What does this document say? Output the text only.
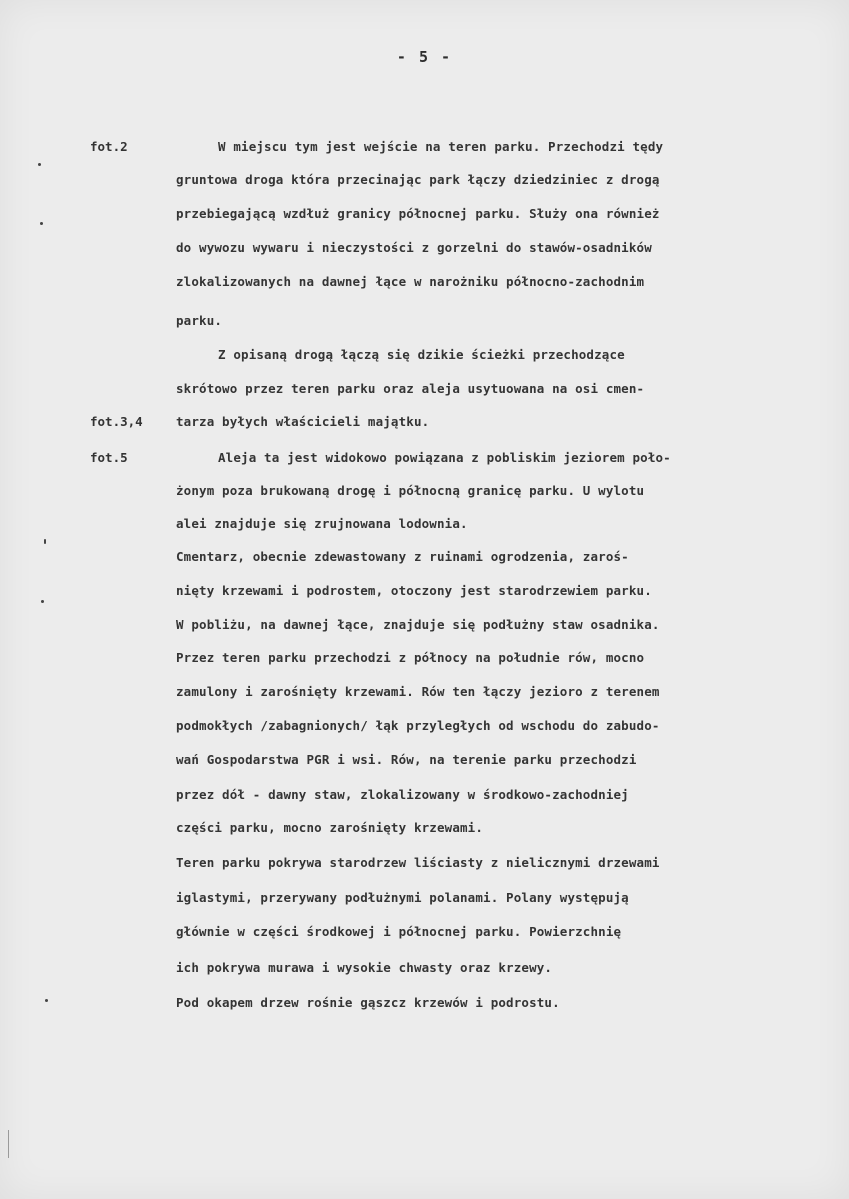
- 5 -
fot.2
fot.3,4
fot.5
W miejscu tym jest wejście na teren parku. Przechodzi tędy
gruntowa droga która przecinając park łączy dziedziniec z drogą
przebiegającą wzdłuż granicy północnej parku. Służy ona również
do wywozu wywaru i nieczystości z gorzelni do stawów-osadników
zlokalizowanych na dawnej łące w narożniku północno-zachodnim
parku.
Z opisaną drogą łączą się dzikie ścieżki przechodzące
skrótowo przez teren parku oraz aleja usytuowana na osi cmen-
tarza byłych właścicieli majątku.
Aleja ta jest widokowo powiązana z pobliskim jeziorem poło-
żonym poza brukowaną drogę i północną granicę parku. U wylotu
alei znajduje się zrujnowana lodownia.
Cmentarz, obecnie zdewastowany z ruinami ogrodzenia, zaroś-
nięty krzewami i podrostem, otoczony jest starodrzewiem parku.
W pobliżu, na dawnej łące, znajduje się podłużny staw osadnika.
Przez teren parku przechodzi z północy na południe rów, mocno
zamulony i zarośnięty krzewami. Rów ten łączy jezioro z terenem
podmokłych /zabagnionych/ łąk przyległych od wschodu do zabudo-
wań Gospodarstwa PGR i wsi. Rów, na terenie parku przechodzi
przez dół - dawny staw, zlokalizowany w środkowo-zachodniej
części parku, mocno zarośnięty krzewami.
Teren parku pokrywa starodrzew liściasty z nielicznymi drzewami
iglastymi, przerywany podłużnymi polanami. Polany występują
głównie w części środkowej i północnej parku. Powierzchnię
ich pokrywa murawa i wysokie chwasty oraz krzewy.
Pod okapem drzew rośnie gąszcz krzewów i podrostu.
